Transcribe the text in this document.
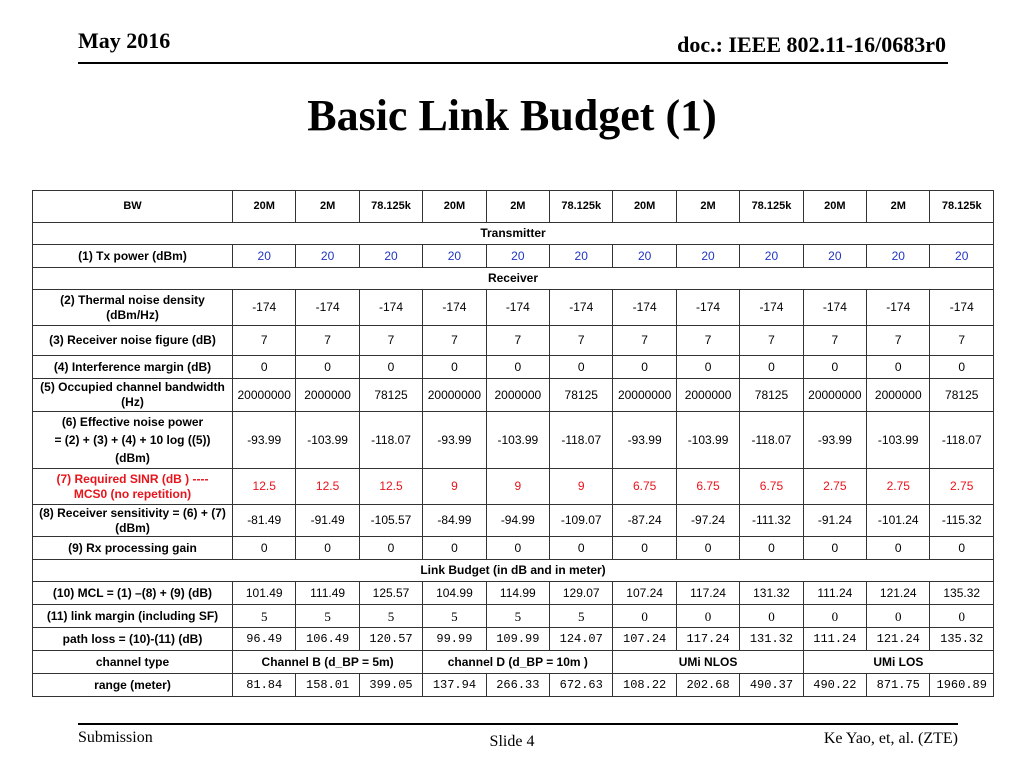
May 2016	doc.: IEEE 802.11-16/0683r0
Basic Link Budget (1)
BW	20M	2M	78.125k	20M	2M	78.125k	20M	2M	78.125k	20M	2M	78.125k
Transmitter												
(1) Tx power (dBm)	20	20	20	20	20	20	20	20	20	20	20	20
Receiver												
(2) Thermal noise density
(dBm/Hz)	-174	-174	-174	-174	-174	-174	-174	-174	-174	-174	-174	-174
(3) Receiver noise figure (dB)	7	7	7	7	7	7	7	7	7	7	7	7
(4) Interference margin (dB)	0	0	0	0	0	0	0	0	0	0	0	0
(5) Occupied channel bandwidth
(Hz)	20000000	2000000	78125	20000000	2000000	78125	20000000	2000000	78125	20000000	2000000	78125
(6) Effective noise power
= (2) + (3) + (4) + 10 log ((5))
(dBm)	-93.99	-103.99	-118.07	-93.99	-103.99	-118.07	-93.99	-103.99	-118.07	-93.99	-103.99	-118.07
(7) Required SINR (dB ) ----
MCS0 (no repetition)	12.5	12.5	12.5	9	9	9	6.75	6.75	6.75	2.75	2.75	2.75
(8) Receiver sensitivity = (6) + (7)
(dBm)	-81.49	-91.49	-105.57	-84.99	-94.99	-109.07	-87.24	-97.24	-111.32	-91.24	-101.24	-115.32
(9) Rx processing gain	0	0	0	0	0	0	0	0	0	0	0	0
Link Budget (in dB and in meter)												
(10) MCL = (1) –(8) + (9) (dB)	101.49	111.49	125.57	104.99	114.99	129.07	107.24	117.24	131.32	111.24	121.24	135.32
(11) link margin (including SF)	5	5	5	5	5	5	0	0	0	0	0	0
path loss = (10)-(11) (dB)	96.49	106.49	120.57	99.99	109.99	124.07	107.24	117.24	131.32	111.24	121.24	135.32
channel type	Channel B (d_BP = 5m)			channel D (d_BP = 10m )			UMi NLOS			UMi LOS		
range (meter)	81.84	158.01	399.05	137.94	266.33	672.63	108.22	202.68	490.37	490.22	871.75	1960.89
Submission	Slide 4	Ke Yao, et, al. (ZTE)
